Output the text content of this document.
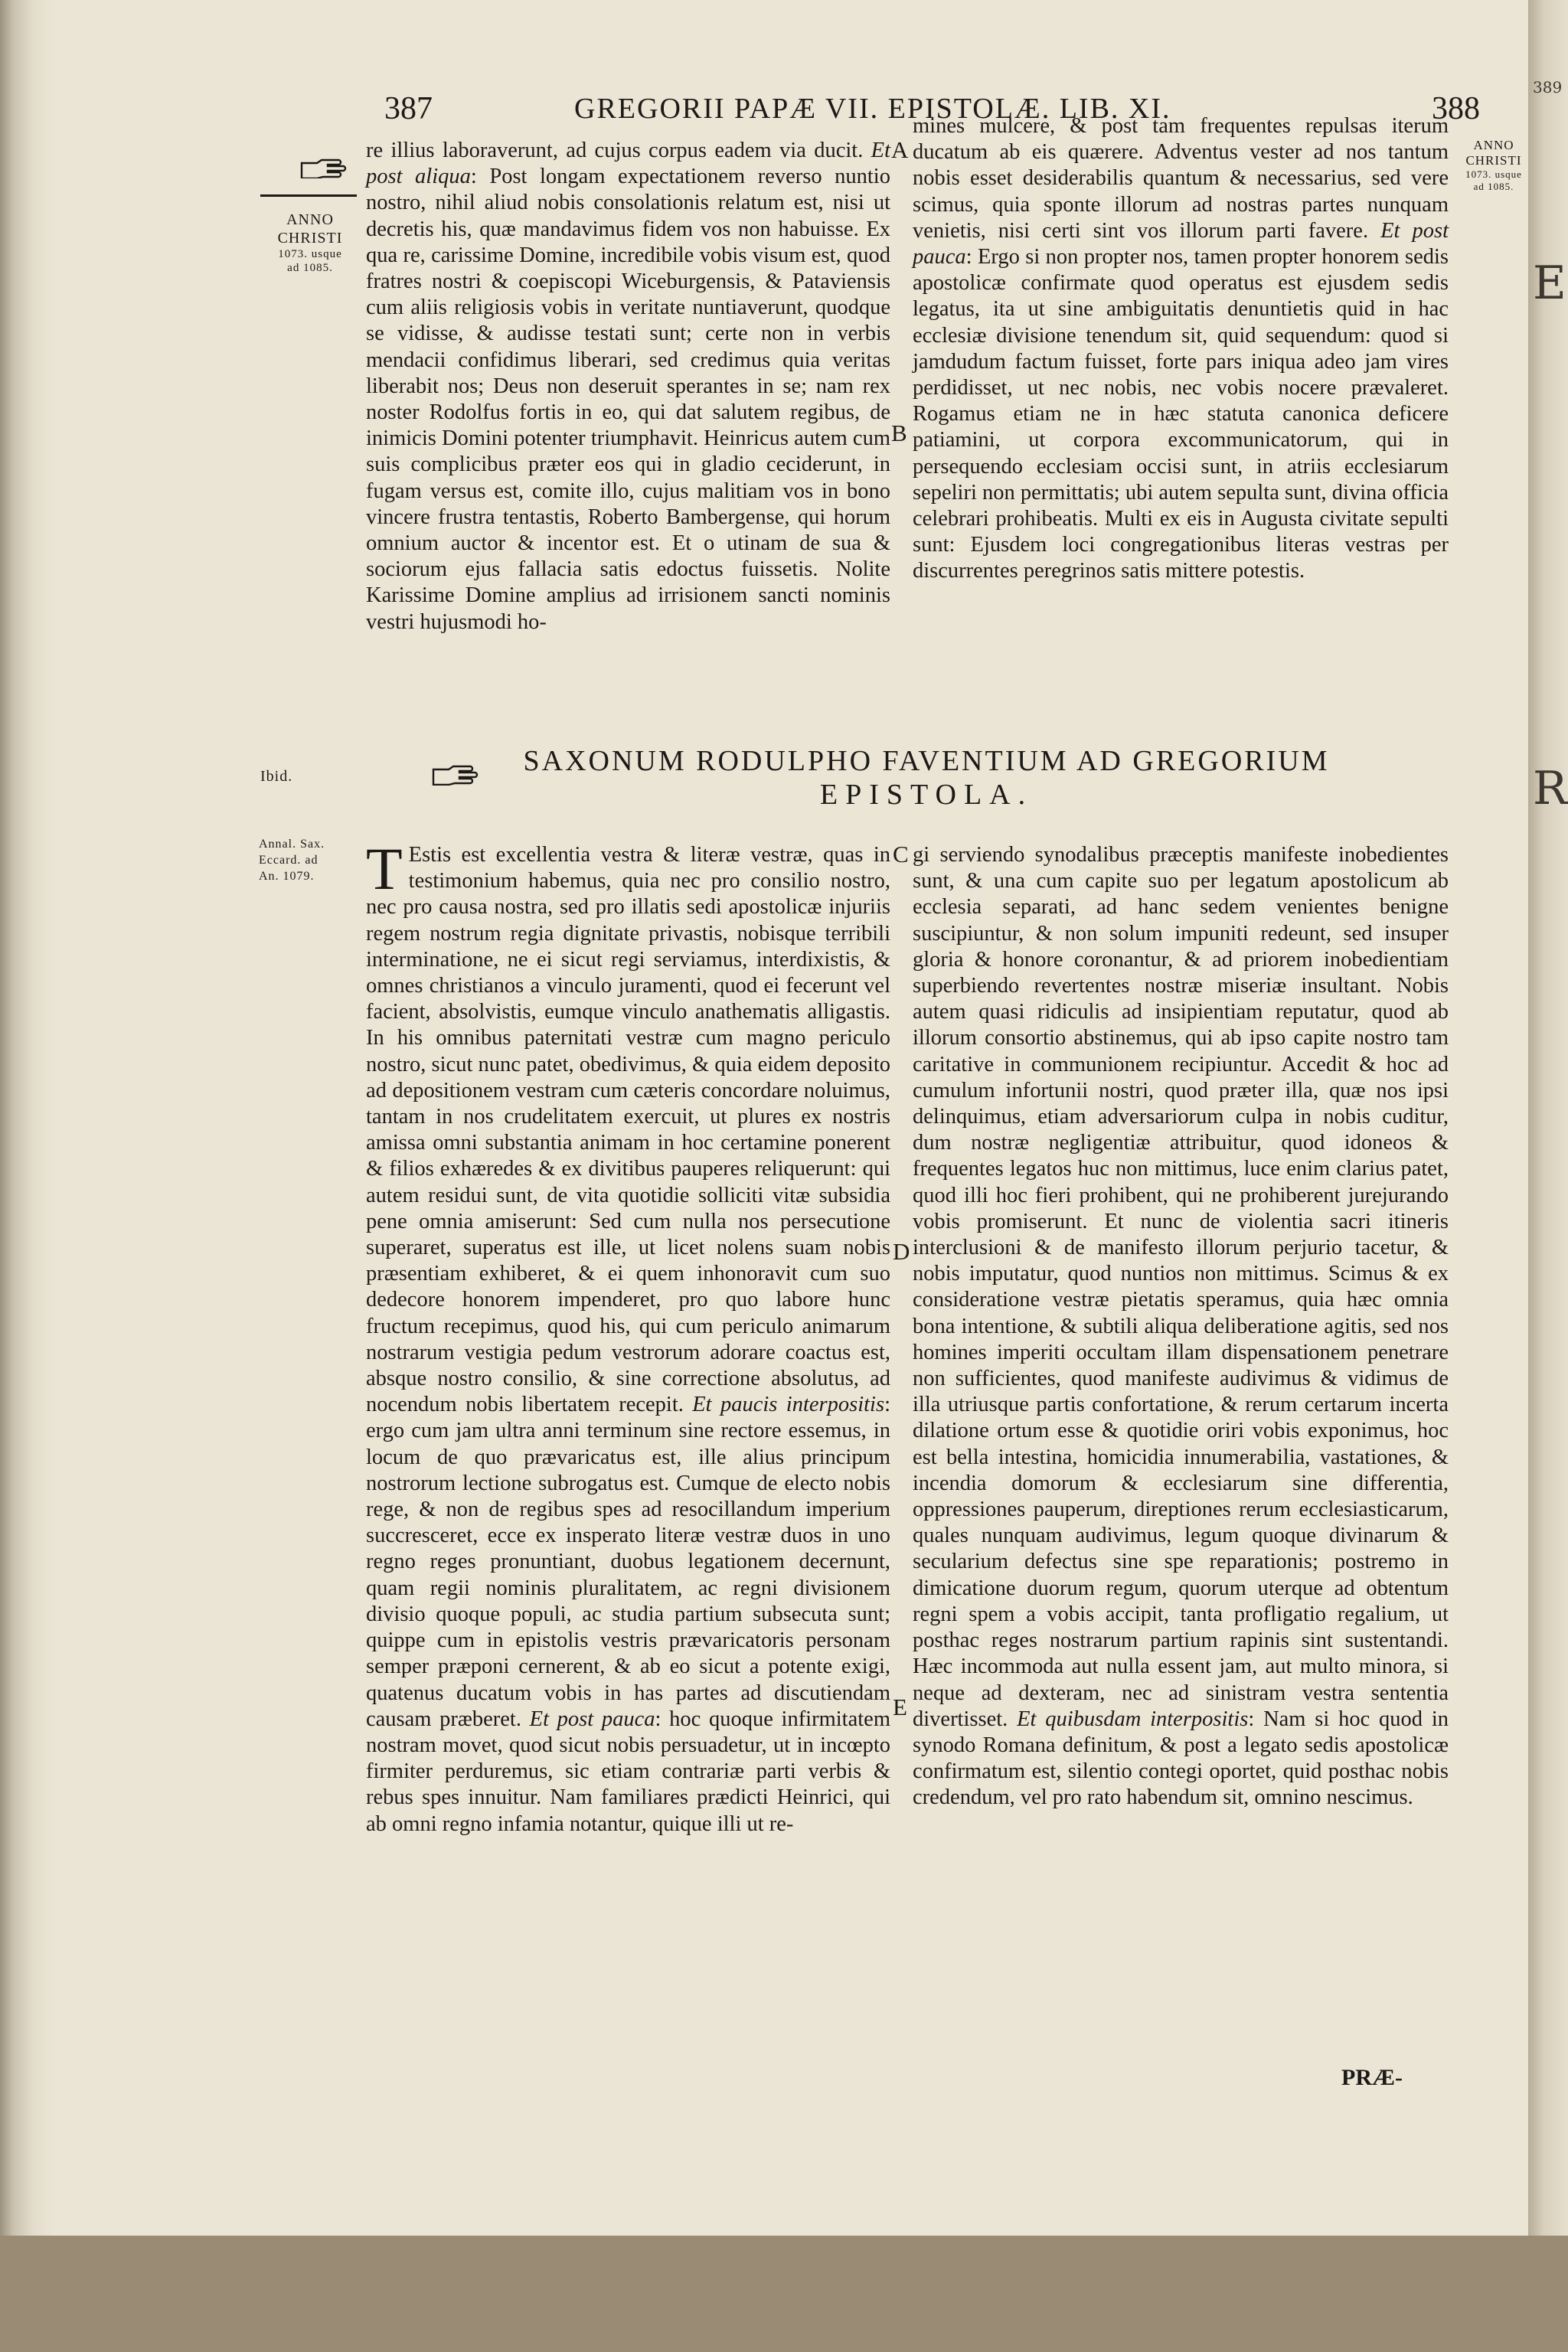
389
E
R
387	GREGORII PAPÆ VII. EPISTOLÆ. LIB. XI.	388
ANNO
CHRISTI
1073. usque
ad 1085.
ANNO
CHRISTI
1073. usque
ad 1085.
Ibid.
Annal. Sax.
Eccard. ad
An. 1079.
A
B
C
D
E

re illius laboraverunt, ad cujus corpus eadem via ducit. Et post aliqua: Post longam expectationem reverso nuntio nostro, nihil aliud nobis consolationis relatum est, nisi ut decretis his, quæ mandavimus fidem vos non habuisse. Ex qua re, carissime Domine, incredibile vobis visum est, quod fratres nostri & coepiscopi Wiceburgensis, & Pataviensis cum aliis religiosis vobis in veritate nuntiaverunt, quodque se vidisse, & audisse testati sunt; certe non in verbis mendacii confidimus liberari, sed credimus quia veritas liberabit nos; Deus non deseruit sperantes in se; nam rex noster Rodolfus fortis in eo, qui dat salutem regibus, de inimicis Domini potenter triumphavit. Heinricus autem cum suis complicibus præter eos qui in gladio ceciderunt, in fugam versus est, comite illo, cujus malitiam vos in bono vincere frustra tentastis, Roberto Bambergense, qui horum omnium auctor & incentor est. Et o utinam de sua & sociorum ejus fallacia satis edoctus fuissetis. Nolite Karissime Domine amplius ad irrisionem sancti nominis vestri hujusmodi ho-

mines mulcere, & post tam frequentes repulsas iterum ducatum ab eis quærere. Adventus vester ad nos tantum nobis esset desiderabilis quantum & necessarius, sed vere scimus, quia sponte illorum ad nostras partes nunquam venietis, nisi certi sint vos illorum parti favere. Et post pauca: Ergo si non propter nos, tamen propter honorem sedis apostolicæ confirmate quod operatus est ejusdem sedis legatus, ita ut sine ambiguitatis denuntietis quid in hac ecclesiæ divisione tenendum sit, quid sequendum: quod si jamdudum factum fuisset, forte pars iniqua adeo jam vires perdidisset, ut nec nobis, nec vobis nocere prævaleret. Rogamus etiam ne in hæc statuta canonica deficere patiamini, ut corpora excommunicatorum, qui in persequendo ecclesiam occisi sunt, in atriis ecclesiarum sepeliri non permittatis; ubi autem sepulta sunt, divina officia celebrari prohibeatis. Multi ex eis in Augusta civitate sepulti sunt: Ejusdem loci congregationibus literas vestras per discurrentes peregrinos satis mittere potestis.

SAXONUM RODULPHO FAVENTIUM AD GREGORIUM
EPISTOLA.

T Estis est excellentia vestra & literæ vestræ, quas in testimonium habemus, quia nec pro consilio nostro, nec pro causa nostra, sed pro illatis sedi apostolicæ injuriis regem nostrum regia dignitate privastis, nobisque terribili interminatione, ne ei sicut regi serviamus, interdixistis, & omnes christianos a vinculo juramenti, quod ei fecerunt vel facient, absolvistis, eumque vinculo anathematis alligastis. In his omnibus paternitati vestræ cum magno periculo nostro, sicut nunc patet, obedivimus, & quia eidem deposito ad depositionem vestram cum cæteris concordare noluimus, tantam in nos crudelitatem exercuit, ut plures ex nostris amissa omni substantia animam in hoc certamine ponerent & filios exhæredes & ex divitibus pauperes reliquerunt: qui autem residui sunt, de vita quotidie solliciti vitæ subsidia pene omnia amiserunt: Sed cum nulla nos persecutione superaret, superatus est ille, ut licet nolens suam nobis præsentiam exhiberet, & ei quem inhonoravit cum suo dedecore honorem impenderet, pro quo labore hunc fructum recepimus, quod his, qui cum periculo animarum nostrarum vestigia pedum vestrorum adorare coactus est, absque nostro consilio, & sine correctione absolutus, ad nocendum nobis libertatem recepit. Et paucis interpositis: ergo cum jam ultra anni terminum sine rectore essemus, in locum de quo prævaricatus est, ille alius principum nostrorum lectione subrogatus est. Cumque de electo nobis rege, & non de regibus spes ad resocillandum imperium succresceret, ecce ex insperato literæ vestræ duos in uno regno reges pronuntiant, duobus legationem decernunt, quam regii nominis pluralitatem, ac regni divisionem divisio quoque populi, ac studia partium subsecuta sunt; quippe cum in epistolis vestris prævaricatoris personam semper præponi cernerent, & ab eo sicut a potente exigi, quatenus ducatum vobis in has partes ad discutiendam causam præberet. Et post pauca: hoc quoque infirmitatem nostram movet, quod sicut nobis persuadetur, ut in incœpto firmiter perduremus, sic etiam contrariæ parti verbis & rebus spes innuitur. Nam familiares prædicti Heinrici, qui ab omni regno infamia notantur, quique illi ut re-

gi serviendo synodalibus præceptis manifeste inobedientes sunt, & una cum capite suo per legatum apostolicum ab ecclesia separati, ad hanc sedem venientes benigne suscipiuntur, & non solum impuniti redeunt, sed insuper gloria & honore coronantur, & ad priorem inobedientiam superbiendo revertentes nostræ miseriæ insultant. Nobis autem quasi ridiculis ad insipientiam reputatur, quod ab illorum consortio abstinemus, qui ab ipso capite nostro tam caritative in communionem recipiuntur. Accedit & hoc ad cumulum infortunii nostri, quod præter illa, quæ nos ipsi delinquimus, etiam adversariorum culpa in nobis cuditur, dum nostræ negligentiæ attribuitur, quod idoneos & frequentes legatos huc non mittimus, luce enim clarius patet, quod illi hoc fieri prohibent, qui ne prohiberent jurejurando vobis promiserunt. Et nunc de violentia sacri itineris interclusioni & de manifesto illorum perjurio tacetur, & nobis imputatur, quod nuntios non mittimus. Scimus & ex consideratione vestræ pietatis speramus, quia hæc omnia bona intentione, & subtili aliqua deliberatione agitis, sed nos homines imperiti occultam illam dispensationem penetrare non sufficientes, quod manifeste audivimus & vidimus de illa utriusque partis confortatione, & rerum certarum incerta dilatione ortum esse & quotidie oriri vobis exponimus, hoc est bella intestina, homicidia innumerabilia, vastationes, & incendia domorum & ecclesiarum sine differentia, oppressiones pauperum, direptiones rerum ecclesiasticarum, quales nunquam audivimus, legum quoque divinarum & secularium defectus sine spe reparationis; postremo in dimicatione duorum regum, quorum uterque ad obtentum regni spem a vobis accipit, tanta profligatio regalium, ut posthac reges nostrarum partium rapinis sint sustentandi. Hæc incommoda aut nulla essent jam, aut multo minora, si neque ad dexteram, nec ad sinistram vestra sententia divertisset. Et quibusdam interpositis: Nam si hoc quod in synodo Romana definitum, & post a legato sedis apostolicæ confirmatum est, silentio contegi oportet, quid posthac nobis credendum, vel pro rato habendum sit, omnino nescimus.

PRÆ-
